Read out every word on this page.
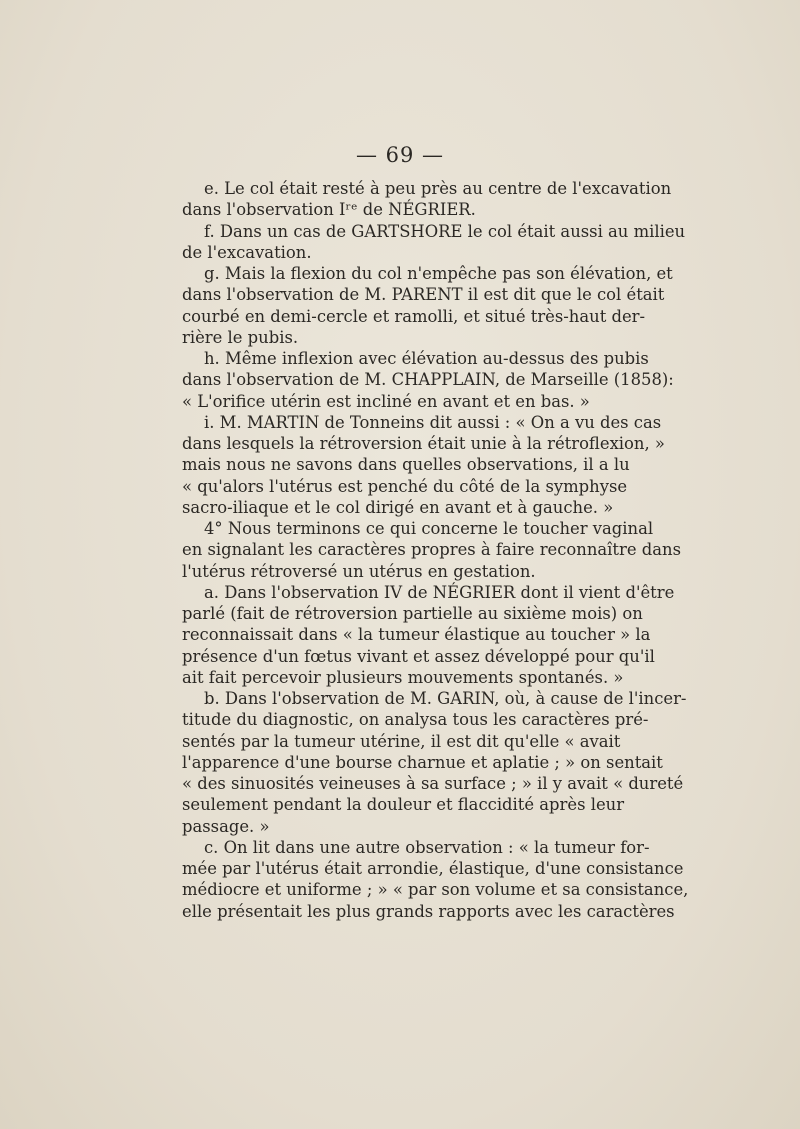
— 69 —
e. Le col était resté à peu près au centre de l'excavation
dans l'observation Iʳᵉ de NÉGRIER.
f. Dans un cas de GARTSHORE le col était aussi au milieu
de l'excavation.
g. Mais la flexion du col n'empêche pas son élévation, et
dans l'observation de M. PARENT il est dit que le col était
courbé en demi-cercle et ramolli, et situé très-haut der-
rière le pubis.
h. Même inflexion avec élévation au-dessus des pubis
dans l'observation de M. CHAPPLAIN, de Marseille (1858):
« L'orifice utérin est incliné en avant et en bas. »
i. M. MARTIN de Tonneins dit aussi : « On a vu des cas
dans lesquels la rétroversion était unie à la rétroflexion, »
mais nous ne savons dans quelles observations, il a lu
« qu'alors l'utérus est penché du côté de la symphyse
sacro-iliaque et le col dirigé en avant et à gauche. »
4° Nous terminons ce qui concerne le toucher vaginal
en signalant les caractères propres à faire reconnaître dans
l'utérus rétroversé un utérus en gestation.
a. Dans l'observation IV de NÉGRIER dont il vient d'être
parlé (fait de rétroversion partielle au sixième mois) on
reconnaissait dans « la tumeur élastique au toucher » la
présence d'un fœtus vivant et assez développé pour qu'il
ait fait percevoir plusieurs mouvements spontanés. »
b. Dans l'observation de M. GARIN, où, à cause de l'incer-
titude du diagnostic, on analysa tous les caractères pré-
sentés par la tumeur utérine, il est dit qu'elle « avait
l'apparence d'une bourse charnue et aplatie ; » on sentait
« des sinuosités veineuses à sa surface ; » il y avait « dureté
seulement pendant la douleur et flaccidité après leur
passage. »
c. On lit dans une autre observation : « la tumeur for-
mée par l'utérus était arrondie, élastique, d'une consistance
médiocre et uniforme ; » « par son volume et sa consistance,
elle présentait les plus grands rapports avec les caractères
